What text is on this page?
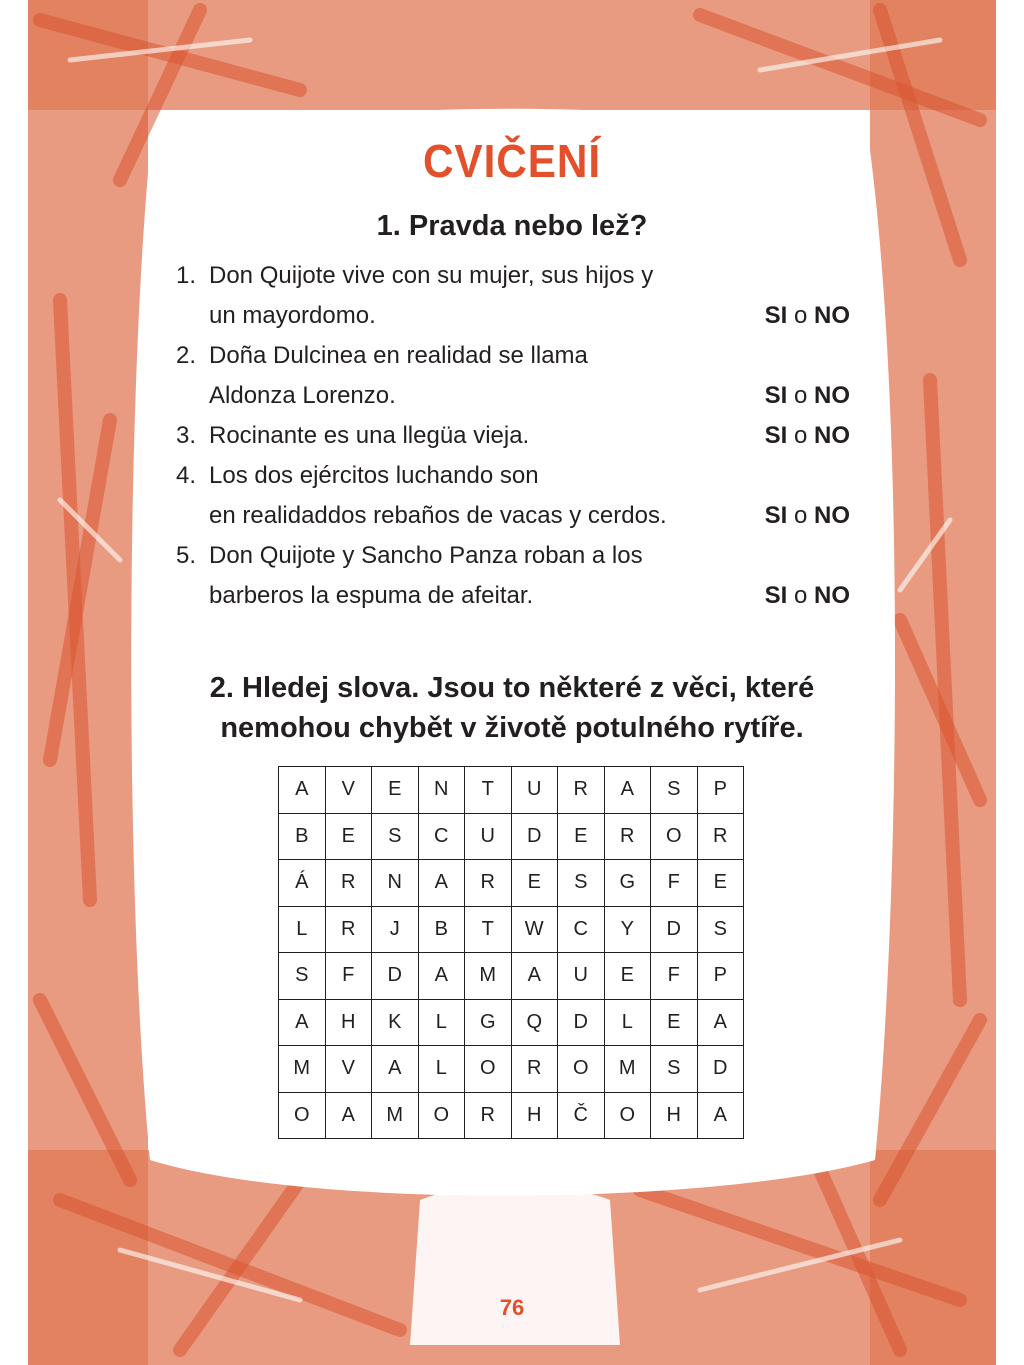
CVIČENÍ
1. Pravda nebo lež?
1. Don Quijote vive con su mujer, sus hijos y
un mayordomo.	SI o NO
2. Doña Dulcinea en realidad se llama
Aldonza Lorenzo.	SI o NO
3. Rocinante es una llegüa vieja.	SI o NO
4. Los dos ejércitos luchando son
en realidaddos rebaños de vacas y cerdos.	SI o NO
5. Don Quijote y Sancho Panza roban a los
barberos la espuma de afeitar.	SI o NO
2. Hledej slova. Jsou to některé z věci, které
nemohou chybět v životě potulného rytíře.
A	V	E	N	T	U	R	A	S	P
B	E	S	C	U	D	E	R	O	R
Á	R	N	A	R	E	S	G	F	E
L	R	J	B	T	W	C	Y	D	S
S	F	D	A	M	A	U	E	F	P
A	H	K	L	G	Q	D	L	E	A
M	V	A	L	O	R	O	M	S	D
O	A	M	O	R	H	Č	O	H	A
76
